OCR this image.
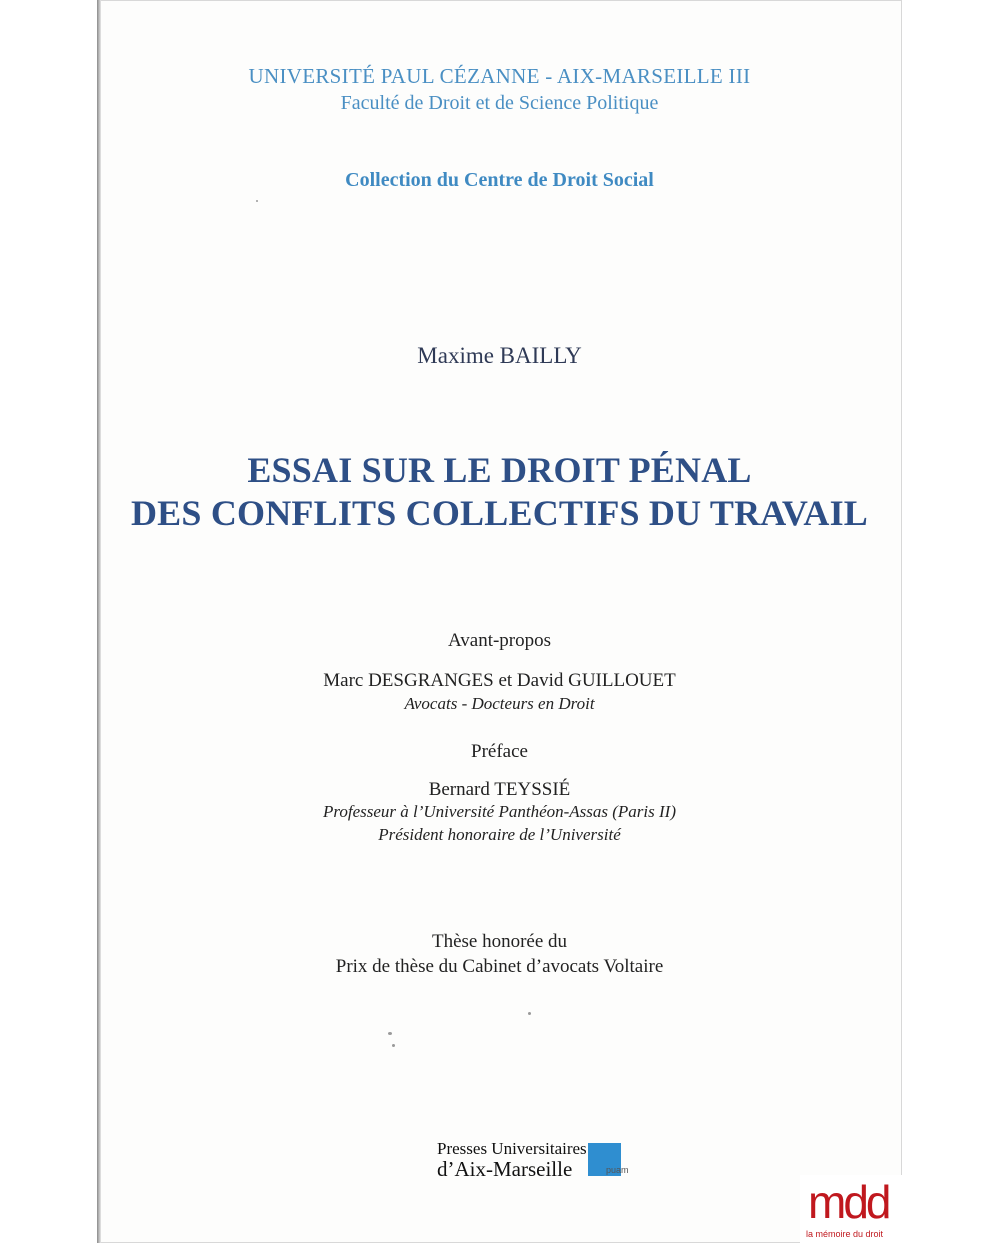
UNIVERSITÉ PAUL CÉZANNE - AIX-MARSEILLE III
Faculté de Droit et de Science Politique
Collection du Centre de Droit Social
Maxime BAILLY
ESSAI SUR LE DROIT PÉNAL
DES CONFLITS COLLECTIFS DU TRAVAIL
Avant-propos
Marc DESGRANGES et David GUILLOUET
Avocats - Docteurs en Droit
Préface
Bernard TEYSSIÉ
Professeur à l’Université Panthéon-Assas (Paris II)
Président honoraire de l’Université
Thèse honorée du
Prix de thèse du Cabinet d’avocats Voltaire
Presses Universitaires
d’Aix-Marseille	puam
mdd
la mémoire du droit
